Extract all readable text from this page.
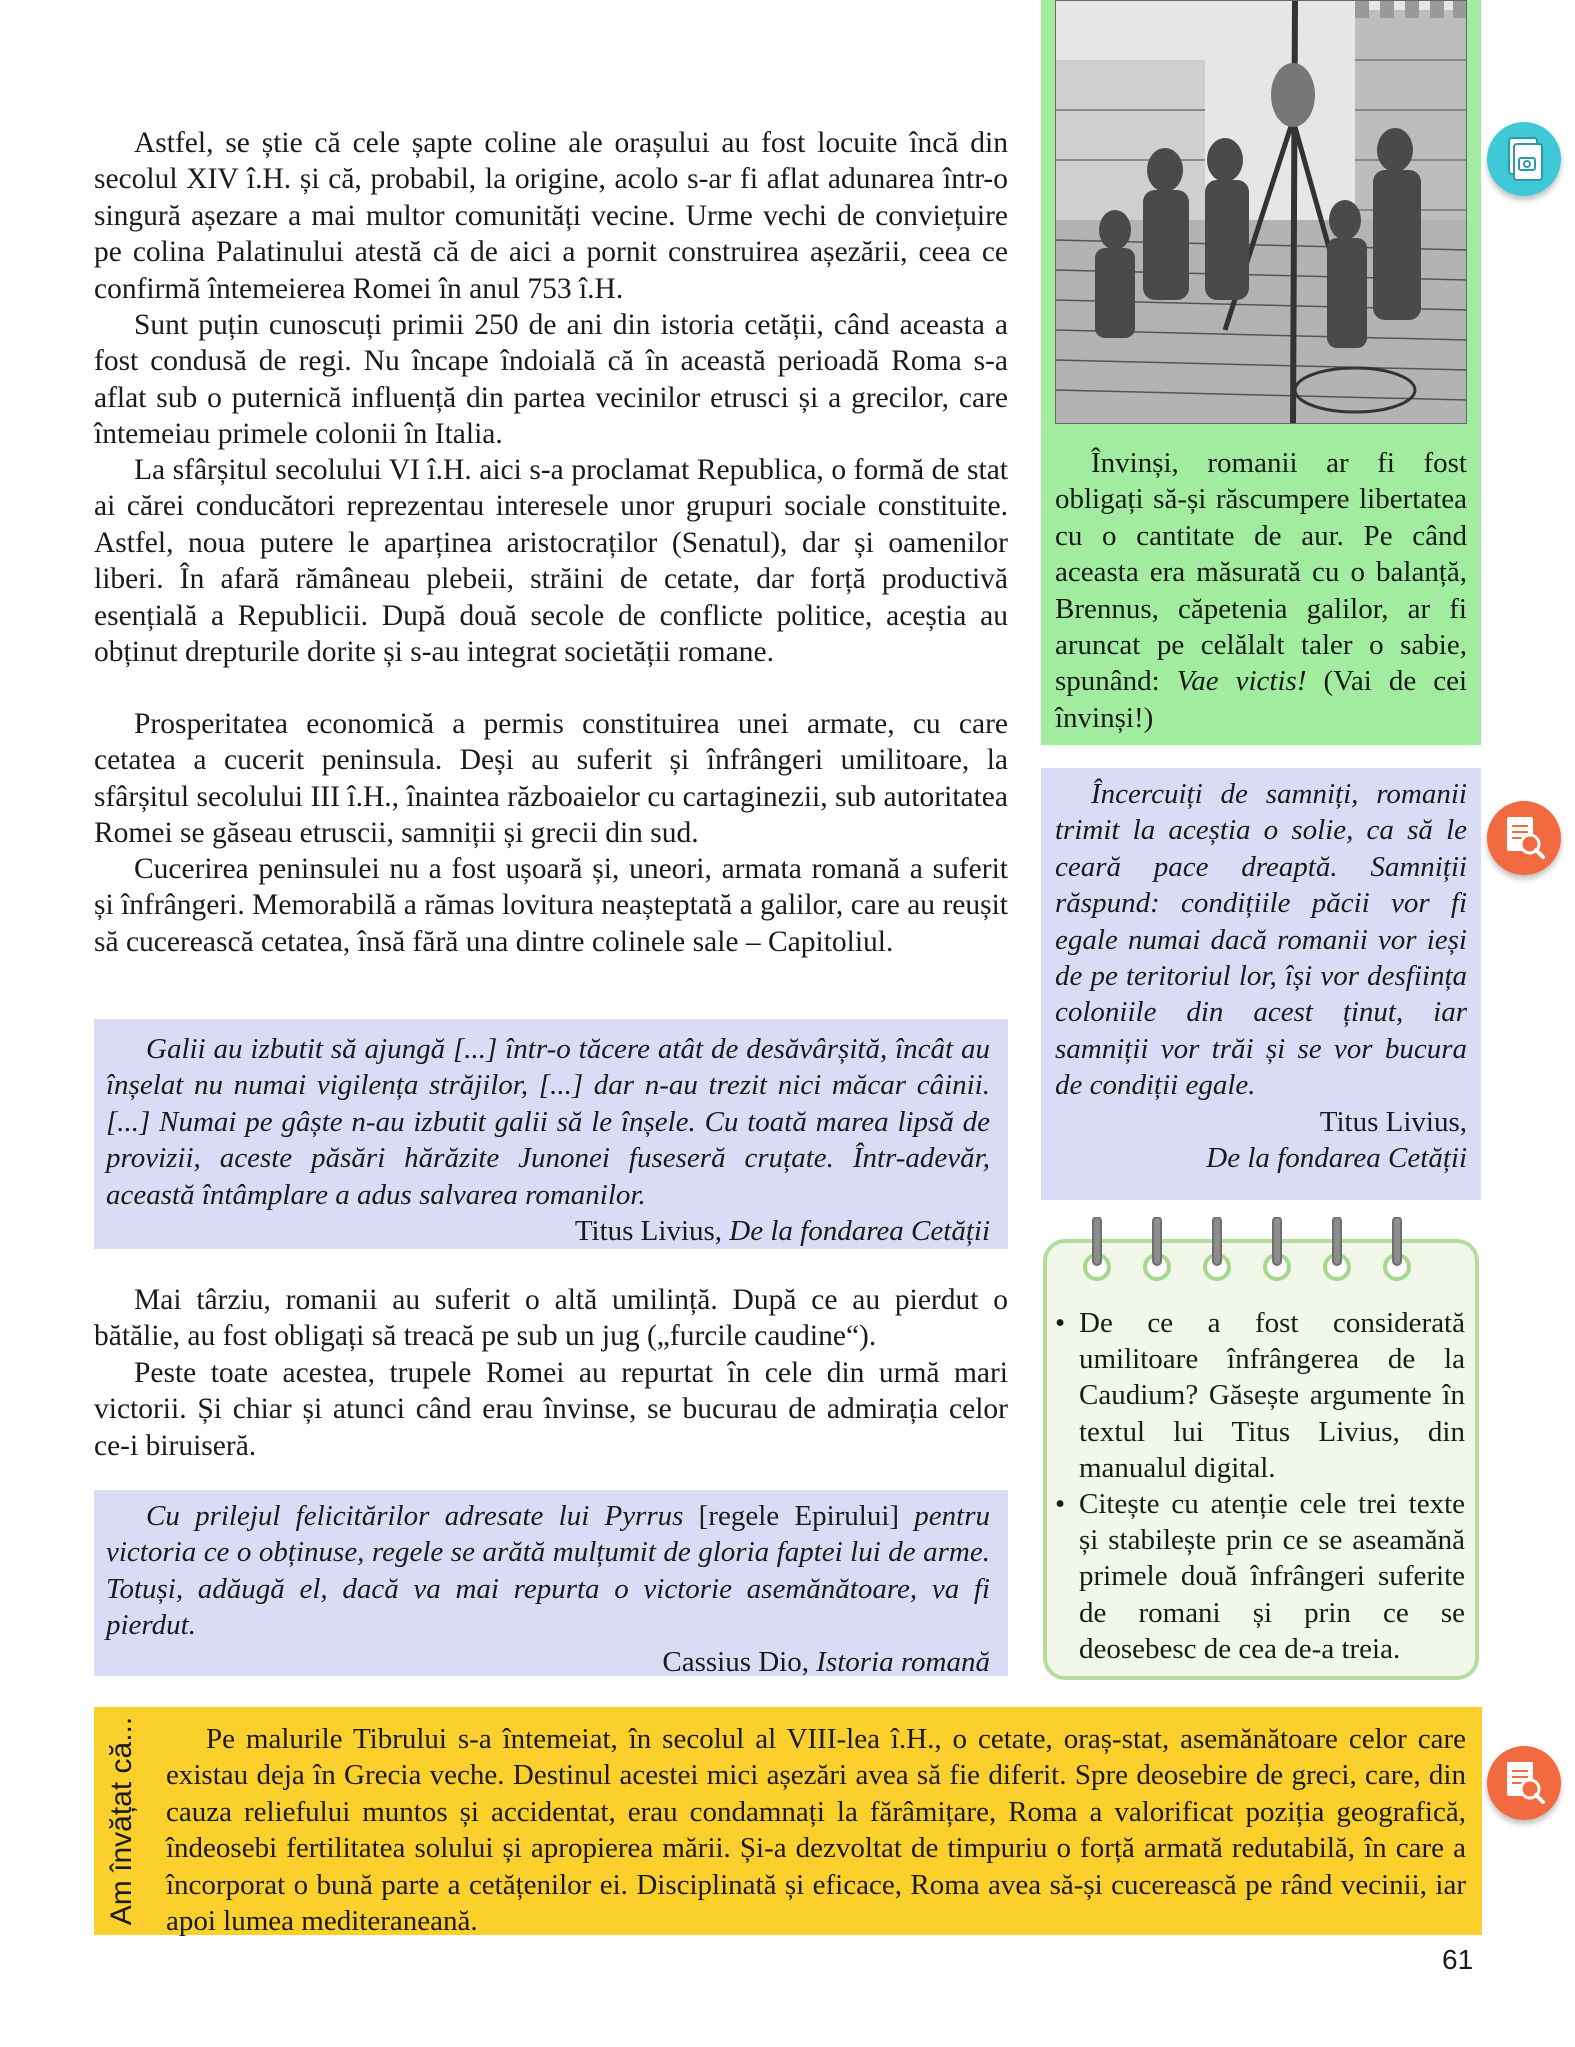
Astfel, se știe că cele șapte coline ale orașului au fost locuite încă din secolul XIV î.H. și că, probabil, la origine, acolo s-ar fi aflat adunarea într-o singură așezare a mai multor comunități vecine. Urme vechi de conviețuire pe colina Palatinului atestă că de aici a pornit construirea așezării, ceea ce confirmă întemeierea Romei în anul 753 î.H.

Sunt puțin cunoscuți primii 250 de ani din istoria cetății, când aceasta a fost condusă de regi. Nu încape îndoială că în această perioadă Roma s-a aflat sub o puternică influență din partea vecinilor etrusci și a grecilor, care întemeiau primele colonii în Italia.

La sfârșitul secolului VI î.H. aici s-a proclamat Republica, o formă de stat ai cărei conducători reprezentau interesele unor grupuri sociale constituite. Astfel, noua putere le aparținea aristocraților (Senatul), dar și oamenilor liberi. În afară rămâneau plebeii, străini de cetate, dar forță productivă esențială a Republicii. După două secole de conflicte politice, aceștia au obținut drepturile dorite și s-au integrat societății romane.

Prosperitatea economică a permis constituirea unei armate, cu care cetatea a cucerit peninsula. Deși au suferit și înfrângeri umilitoare, la sfârșitul secolului III î.H., înaintea războaielor cu cartaginezii, sub autoritatea Romei se găseau etruscii, samniții și grecii din sud.

Cucerirea peninsulei nu a fost ușoară și, uneori, armata romană a suferit și înfrângeri. Memorabilă a rămas lovitura neașteptată a galilor, care au reușit să cucerească cetatea, însă fără una dintre colinele sale – Capitoliul.

Galii au izbutit să ajungă [...] într-o tăcere atât de desăvârșită, încât au înșelat nu numai vigilența străjilor, [...] dar n-au trezit nici măcar câinii. [...] Numai pe gâște n-au izbutit galii să le înșele. Cu toată marea lipsă de provizii, aceste păsări hărăzite Junonei fuseseră cruțate. Într-adevăr, această întâmplare a adus salvarea romanilor.

Titus Livius, De la fondarea Cetății

Mai târziu, romanii au suferit o altă umilință. După ce au pierdut o bătălie, au fost obligați să treacă pe sub un jug („furcile caudine“).

Peste toate acestea, trupele Romei au repurtat în cele din urmă mari victorii. Și chiar și atunci când erau învinse, se bucurau de admirația celor ce-i biruiseră.

Cu prilejul felicitărilor adresate lui Pyrrus [regele Epirului] pentru victoria ce o obținuse, regele se arătă mulțumit de gloria faptei lui de arme. Totuși, adăugă el, dacă va mai repurta o victorie asemănătoare, va fi pierdut.

Cassius Dio, Istoria romană

Învinși, romanii ar fi fost obligați să-și răscumpere libertatea cu o cantitate de aur. Pe când aceasta era măsurată cu o balanță, Brennus, căpetenia galilor, ar fi aruncat pe celălalt taler o sabie, spunând: Vae victis! (Vai de cei învinși!)

Încercuiți de samniți, romanii trimit la aceștia o solie, ca să le ceară pace dreaptă. Samniții răspund: condițiile păcii vor fi egale numai dacă romanii vor ieși de pe teritoriul lor, își vor desființa coloniile din acest ținut, iar samniții vor trăi și se vor bucura de condiții egale.

Titus Livius,

De la fondarea Cetății

• De ce a fost considerată umilitoare înfrângerea de la Caudium? Găsește argumente în textul lui Titus Livius, din manualul digital.
• Citește cu atenție cele trei texte și stabilește prin ce se aseamănă primele două înfrângeri suferite de romani și prin ce se deosebesc de cea de-a treia.
Am învățat că...	Pe malurile Tibrului s-a întemeiat, în secolul al VIII-lea î.H., o cetate, oraș-stat, asemănătoare celor care existau deja în Grecia veche. Destinul acestei mici așezări avea să fie diferit. Spre deosebire de greci, care, din cauza reliefului muntos și accidentat, erau condamnați la fărâmițare, Roma a valorificat poziția geografică, îndeosebi fertilitatea solului și apropierea mării. Și-a dezvoltat de timpuriu o forță armată redutabilă, în care a încorporat o bună parte a cetățenilor ei. Disciplinată și eficace, Roma avea să-și cucerească pe rând vecinii, iar apoi lumea mediteraneană.

61
